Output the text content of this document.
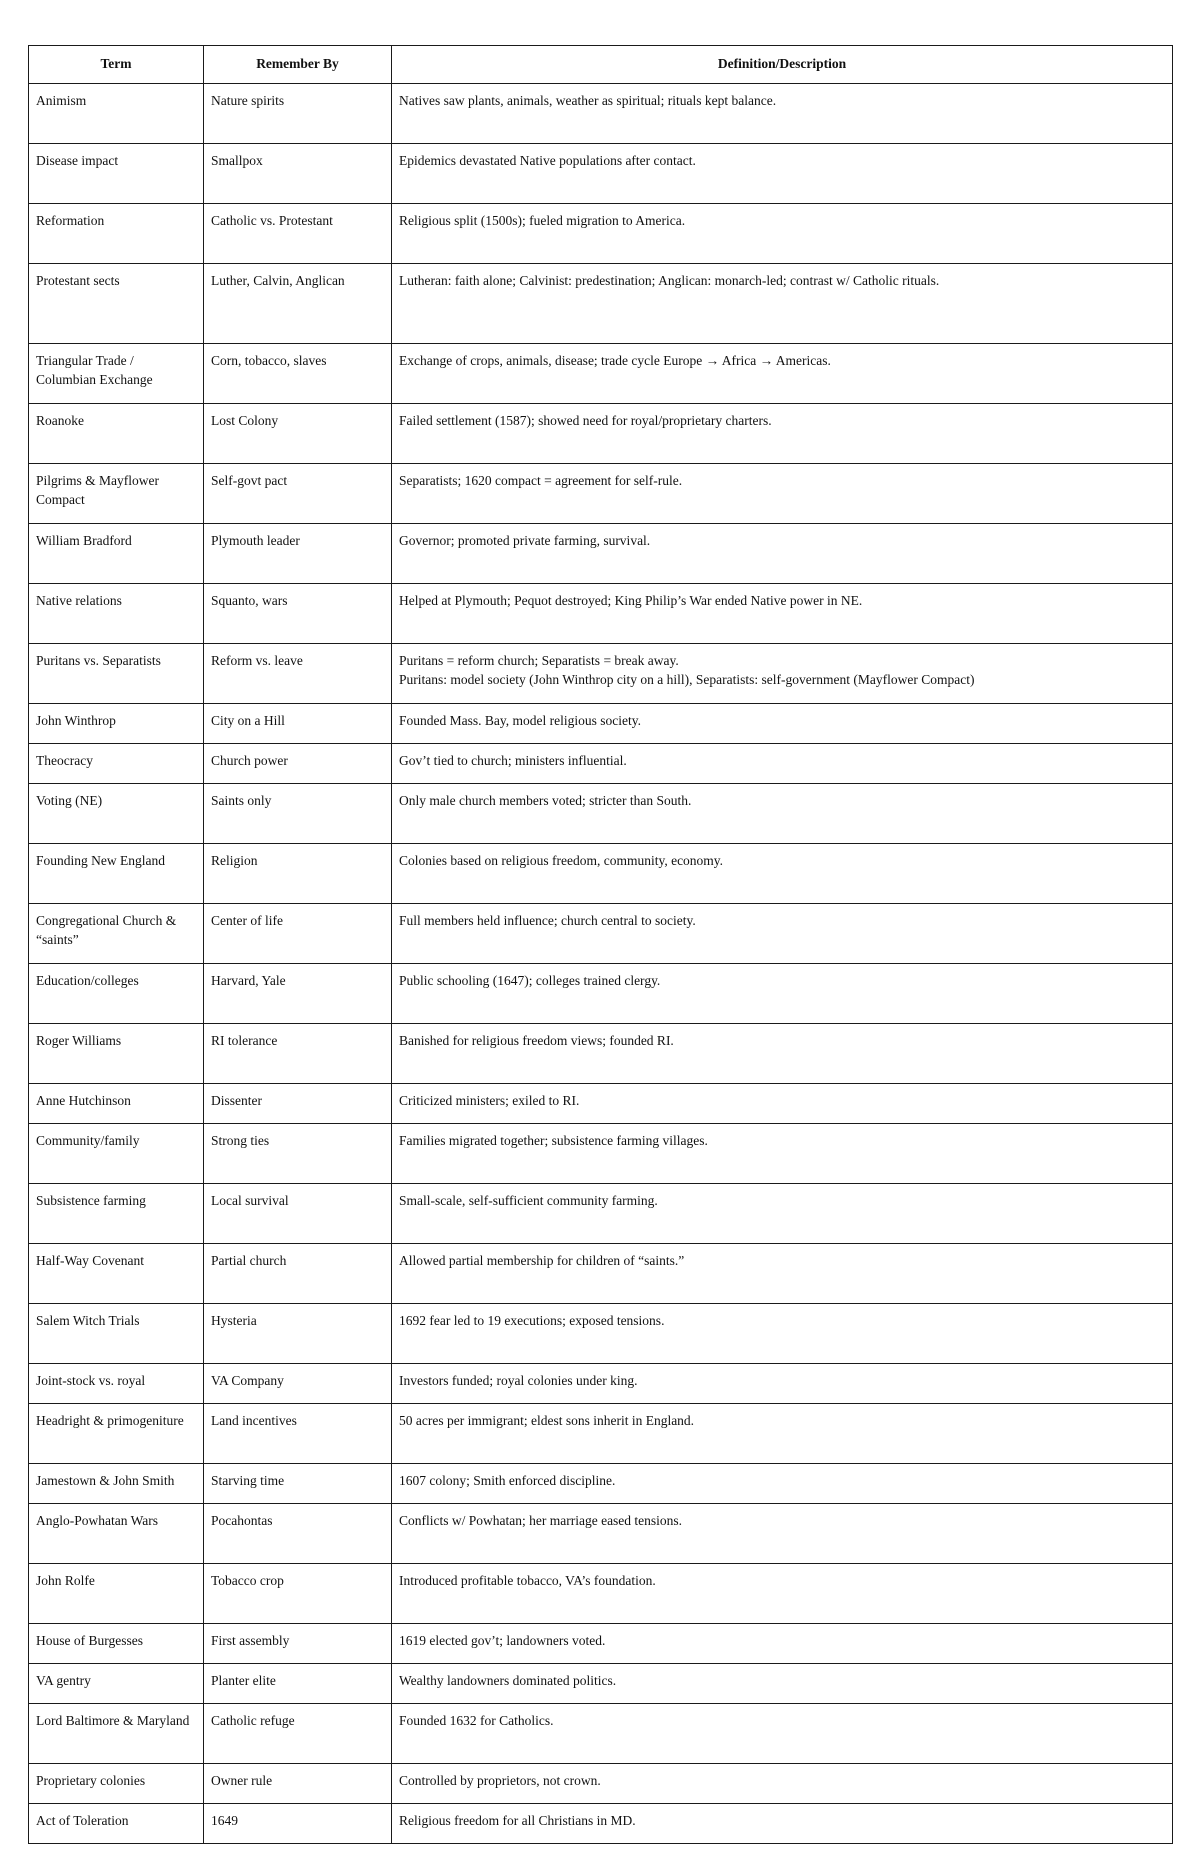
Term	Remember By	Definition/Description
Animism	Nature spirits	Natives saw plants, animals, weather as spiritual; rituals kept balance.

Disease impact	Smallpox	Epidemics devastated Native populations after contact.

Reformation	Catholic vs. Protestant	Religious split (1500s); fueled migration to America.

Protestant sects	Luther, Calvin, Anglican	Lutheran: faith alone; Calvinist: predestination; Anglican: monarch-led; contrast w/ Catholic rituals.

Triangular Trade / Columbian Exchange	Corn, tobacco, slaves	Exchange of crops, animals, disease; trade cycle Europe → Africa → Americas.

Roanoke	Lost Colony	Failed settlement (1587); showed need for royal/proprietary charters.

Pilgrims & Mayflower Compact	Self-govt pact	Separatists; 1620 compact = agreement for self-rule.

William Bradford	Plymouth leader	Governor; promoted private farming, survival.

Native relations	Squanto, wars	Helped at Plymouth; Pequot destroyed; King Philip’s War ended Native power in NE.

Puritans vs. Separatists	Reform vs. leave	Puritans = reform church; Separatists = break away.
Puritans: model society (John Winthrop city on a hill), Separatists: self-government (Mayflower Compact)

John Winthrop	City on a Hill	Founded Mass. Bay, model religious society.

Theocracy	Church power	Gov’t tied to church; ministers influential.

Voting (NE)	Saints only	Only male church members voted; stricter than South.

Founding New England	Religion	Colonies based on religious freedom, community, economy.

Congregational Church & “saints”	Center of life	Full members held influence; church central to society.

Education/colleges	Harvard, Yale	Public schooling (1647); colleges trained clergy.

Roger Williams	RI tolerance	Banished for religious freedom views; founded RI.

Anne Hutchinson	Dissenter	Criticized ministers; exiled to RI.

Community/family	Strong ties	Families migrated together; subsistence farming villages.

Subsistence farming	Local survival	Small-scale, self-sufficient community farming.

Half-Way Covenant	Partial church	Allowed partial membership for children of “saints.”

Salem Witch Trials	Hysteria	1692 fear led to 19 executions; exposed tensions.

Joint-stock vs. royal	VA Company	Investors funded; royal colonies under king.

Headright & primogeniture	Land incentives	50 acres per immigrant; eldest sons inherit in England.

Jamestown & John Smith	Starving time	1607 colony; Smith enforced discipline.

Anglo-Powhatan Wars	Pocahontas	Conflicts w/ Powhatan; her marriage eased tensions.

John Rolfe	Tobacco crop	Introduced profitable tobacco, VA’s foundation.

House of Burgesses	First assembly	1619 elected gov’t; landowners voted.

VA gentry	Planter elite	Wealthy landowners dominated politics.

Lord Baltimore & Maryland	Catholic refuge	Founded 1632 for Catholics.

Proprietary colonies	Owner rule	Controlled by proprietors, not crown.

Act of Toleration	1649	Religious freedom for all Christians in MD.
